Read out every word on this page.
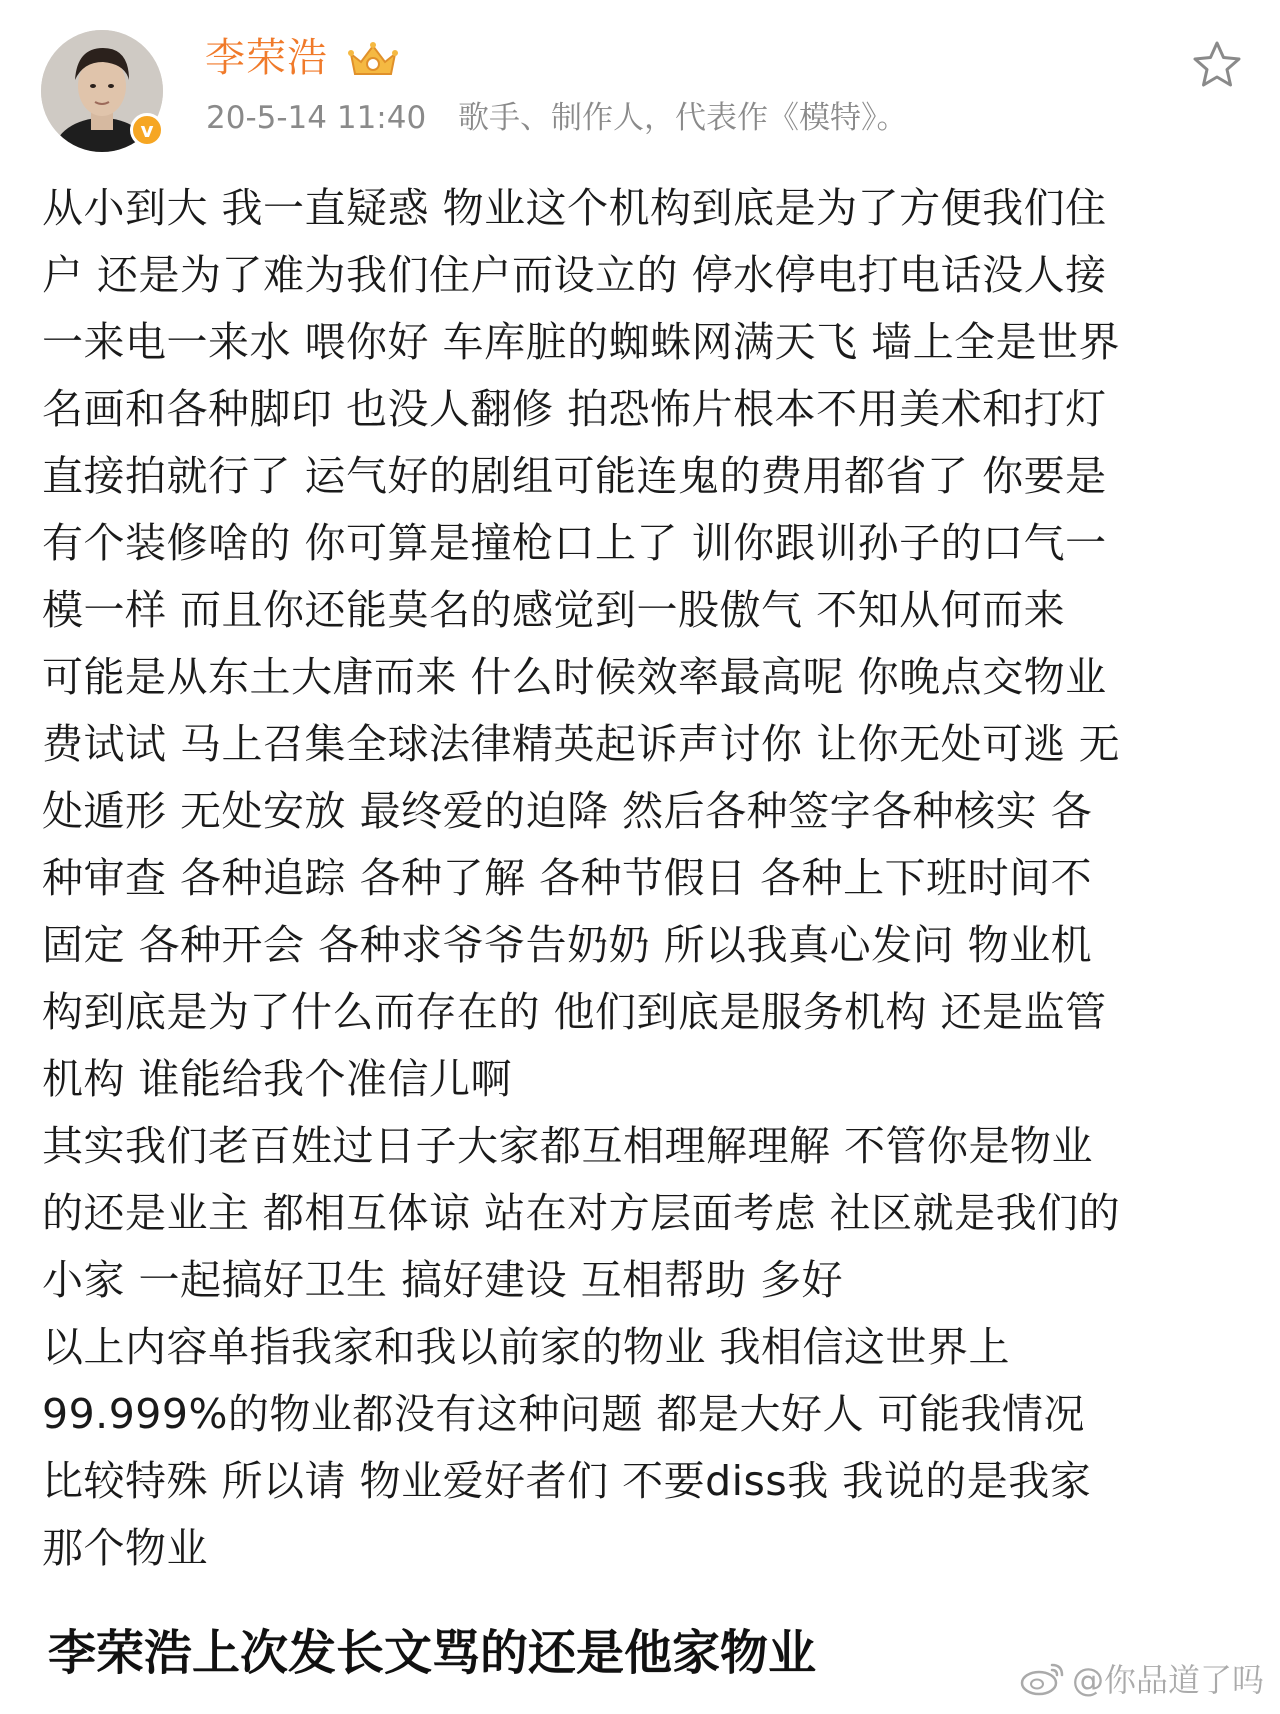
v
李荣浩
20-5-14 11:40 歌手、制作人，代表作《模特》。
从小到大 我一直疑惑 物业这个机构到底是为了方便我们住
户 还是为了难为我们住户而设立的 停水停电打电话没人接
一来电一来水 喂你好 车库脏的蜘蛛网满天飞 墙上全是世界
名画和各种脚印 也没人翻修 拍恐怖片根本不用美术和打灯
直接拍就行了 运气好的剧组可能连鬼的费用都省了 你要是
有个装修啥的 你可算是撞枪口上了 训你跟训孙子的口气一
模一样 而且你还能莫名的感觉到一股傲气 不知从何而来
可能是从东土大唐而来 什么时候效率最高呢 你晚点交物业
费试试 马上召集全球法律精英起诉声讨你 让你无处可逃 无
处遁形 无处安放 最终爱的迫降 然后各种签字各种核实 各
种审查 各种追踪 各种了解 各种节假日 各种上下班时间不
固定 各种开会 各种求爷爷告奶奶 所以我真心发问 物业机
构到底是为了什么而存在的 他们到底是服务机构 还是监管
机构 谁能给我个准信儿啊
其实我们老百姓过日子大家都互相理解理解 不管你是物业
的还是业主 都相互体谅 站在对方层面考虑 社区就是我们的
小家 一起搞好卫生 搞好建设 互相帮助 多好
以上内容单指我家和我以前家的物业 我相信这世界上
99.999%的物业都没有这种问题 都是大好人 可能我情况
比较特殊 所以请 物业爱好者们 不要diss我 我说的是我家
那个物业
李荣浩上次发长文骂的还是他家物业	@你品道了吗
